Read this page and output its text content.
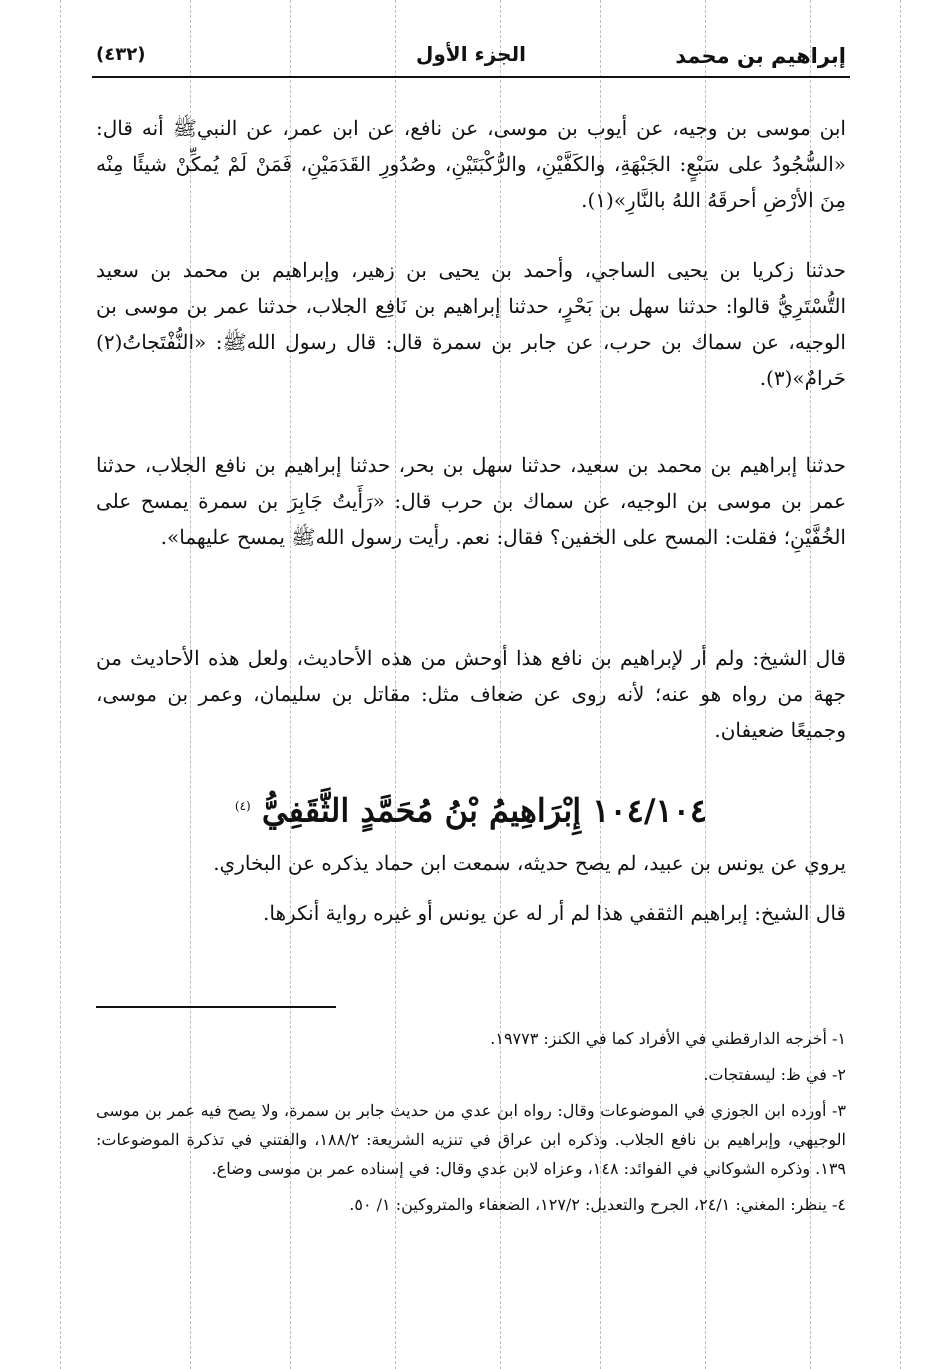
إبراهيم بن محمد
الجزء الأول
(٤٣٢)

ابن موسى بن وجيه، عن أيوب بن موسى، عن نافع، عن ابن عمر، عن النبيﷺ أنه قال: «السُّجُودُ على سَبْعٍ: الجَبْهَةِ، والكَفَّيْنِ، والرُّكْبَتَيْنِ، وصُدُورِ القَدَمَيْنِ، فَمَنْ لَمْ يُمكِّنْ شيئًا مِنْه مِنَ الأرْضِ أحرقَهُ اللهُ بالنَّارِ»(١).

حدثنا زكريا بن يحيى الساجي، وأحمد بن يحيى بن زهير، وإبراهيم بن محمد بن سعيد التُّسْتَرِيُّ قالوا: حدثنا سهل بن بَحْرٍ، حدثنا إبراهيم بن نَافِع الجلاب، حدثنا عمر بن موسى بن الوجيه، عن سماك بن حرب، عن جابر بن سمرة قال: قال رسول اللهﷺ: «النُّفْتَجاتُ(٢) حَرامٌ»(٣).

حدثنا إبراهيم بن محمد بن سعيد، حدثنا سهل بن بحر، حدثنا إبراهيم بن نافع الجلاب، حدثنا عمر بن موسى بن الوجيه، عن سماك بن حرب قال: «رَأَيتُ جَابِرَ بن سمرة يمسح على الخُفَّيْنِ؛ فقلت: المسح على الخفين؟ فقال: نعم. رأيت رسول اللهﷺ يمسح عليهما».

قال الشيخ: ولم أر لإبراهيم بن نافع هذا أوحش من هذه الأحاديث، ولعل هذه الأحاديث من جهة من رواه هو عنه؛ لأنه روى عن ضعاف مثل: مقاتل بن سليمان، وعمر بن موسى، وجميعًا ضعيفان.

١٠٤/١٠٤ إِبْرَاهِيمُ بْنُ مُحَمَّدٍ الثَّقَفِيُّ $^{(٤)}$

يروي عن يونس بن عبيد، لم يصح حديثه، سمعت ابن حماد يذكره عن البخاري.

قال الشيخ: إبراهيم الثقفي هذا لم أر له عن يونس أو غيره رواية أنكرها.

١- أخرجه الدارقطني في الأفراد كما في الكنز: ١٩٧٧٣.
٢- في ظ: ليسفتجات.
٣- أورده ابن الجوزي في الموضوعات وقال: رواه ابن عدي من حديث جابر بن سمرة، ولا يصح فيه عمر بن موسى الوجيهي، وإبراهيم بن نافع الجلاب. وذكره ابن عراق في تنزيه الشريعة: ١٨٨/٢، والفتني في تذكرة الموضوعات: ١٣٩. وذكره الشوكاني في الفوائد: ١٤٨، وعزاه لابن عدي وقال: في إسناده عمر بن موسى وضاع.
٤- ينظر: المغني: ٢٤/١، الجرح والتعديل: ١٢٧/٢، الضعفاء والمتروكين: ١/ ٥٠.
